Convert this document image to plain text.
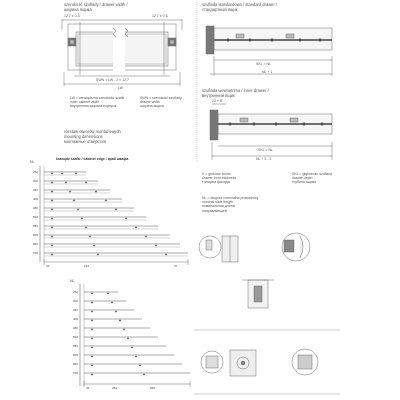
szerokość szuflady / drawer width /
ширина ящика
12,7 ± 0,3	12,7 ± 0,3
SWN = LW - 2 × 12,7
LW
LW = wewnętrzna szerokość szafki
inner cabinet width
внутренняя ширина корпуса
SWN = szerokość szuflady
drawer width
ширина ящика
szuflada standardowa / standard drawer /
стандартный ящик
SKL = NL
NL + 1
szuflada wewnętrzna / inner drawer /
внутренний ящик
23 + 8
SKL = NL
NL + 3 - 3
rozstaw otworów montażowych
mounting dimensions
монтажные отверстия
krawędź szafki / cabinet edge / край шкафа
NL
250
300
350
400
450
500
550
600
650
700
32	224	37
X = grubość frontu
drawer front thickness
толщина фасада
SKL = głębokość szuflady
drawer depth
глубина ящика
NL = długość nominalna prowadnicy
nominal slide length
номинальная длина
направляющей
NL
250
300
350
400
450
500
550
600
650
700
32	256	256
